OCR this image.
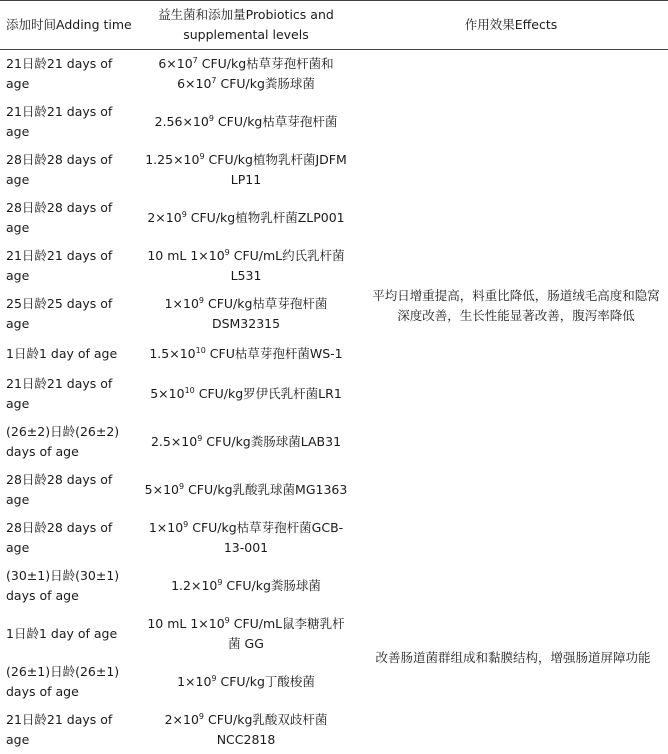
添加时间Adding time	益生菌和添加量Probiotics and supplemental levels	作用效果Effects
21日龄21 days of age	$6\times 10^7$ CFU/kg枯草芽孢杆菌和$6\times 10^7$ CFU/kg粪肠球菌	平均日增重提高，料重比降低，肠道绒毛高度和隐窝深度改善，生长性能显著改善，腹泻率降低
21日龄21 days of age	$2.56\times 10^9$ CFU/kg枯草芽孢杆菌	
28日龄28 days of age	$1.25\times 10^9$ CFU/kg植物乳杆菌JDFM LP11	
28日龄28 days of age	$2\times 10^9$ CFU/kg植物乳杆菌ZLP001	
21日龄21 days of age	10 mL $1\times 10^9$ CFU/mL约氏乳杆菌 L531	
25日龄25 days of age	$1\times 10^9$ CFU/kg枯草芽孢杆菌 DSM32315	
1日龄1 day of age	$1.5\times 10^{10}$ CFU枯草芽孢杆菌WS-1	
21日龄21 days of age	$5\times 10^{10}$ CFU/kg罗伊氏乳杆菌LR1	
(26±2)日龄(26±2) days of age	$2.5\times 10^9$ CFU/kg粪肠球菌LAB31	
28日龄28 days of age	$5\times 10^9$ CFU/kg乳酸乳球菌MG1363	
28日龄28 days of age	$1\times 10^9$ CFU/kg枯草芽孢杆菌GCB-13-001	
(30±1)日龄(30±1) days of age	$1.2\times 10^9$ CFU/kg粪肠球菌	改善肠道菌群组成和黏膜结构，增强肠道屏障功能
1日龄1 day of age	10 mL $1\times 10^9$ CFU/mL鼠李糖乳杆菌 GG	
(26±1)日龄(26±1) days of age	$1\times 10^9$ CFU/kg丁酸梭菌	
21日龄21 days of age	$2\times 10^9$ CFU/kg乳酸双歧杆菌 NCC2818	
